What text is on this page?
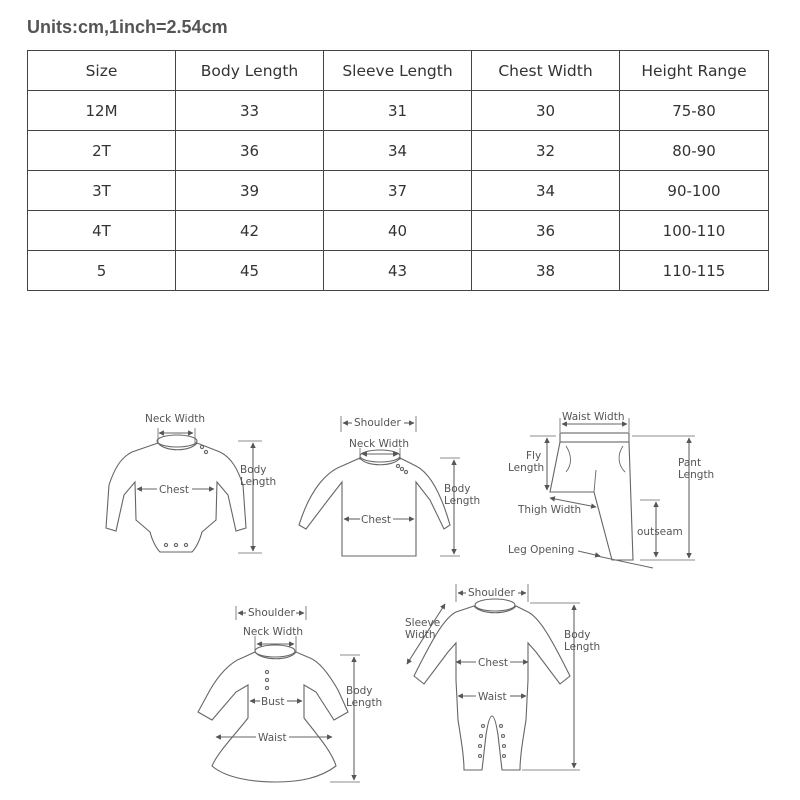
Units:cm,1inch=2.54cm
Size	Body Length	Sleeve Length	Chest Width	Height Range
12M	33	31	30	75-80
2T	36	34	32	80-90
3T	39	37	34	90-100
4T	42	40	36	100-110
5	45	43	38	110-115
Neck Width
Chest
Body
Length
Shoulder
Neck Width
Chest
Body
Length
Waist Width
Fly
Length	Pant
Length
Thigh Width
outseam
Leg Opening
Shoulder
Neck Width
Bust
Waist
Body
Length
Shoulder
Sleeve
Width
Chest
Waist
Body
Length
